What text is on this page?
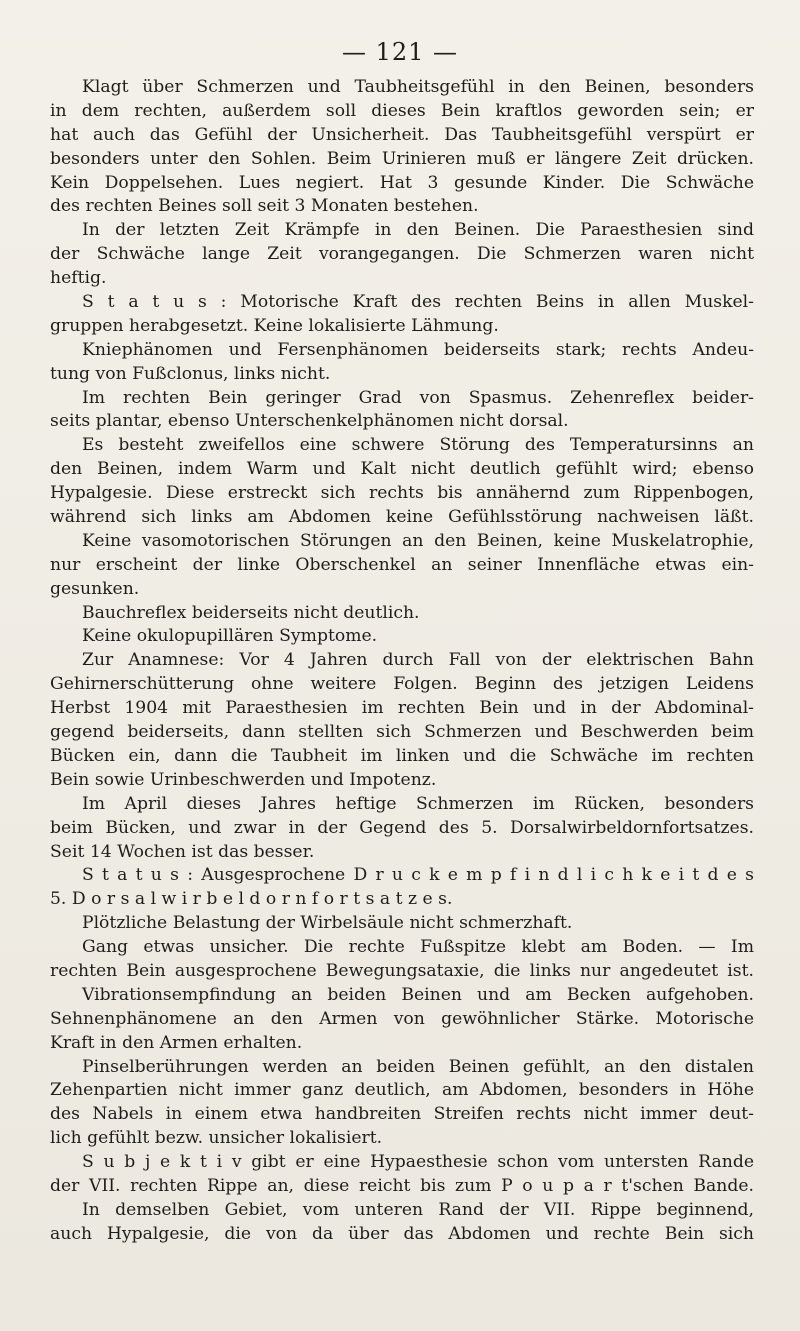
— 121 —
Klagt über Schmerzen und Taubheitsgefühl in den Beinen, besonders
in dem rechten, außerdem soll dieses Bein kraftlos geworden sein; er
hat auch das Gefühl der Unsicherheit. Das Taubheitsgefühl verspürt er
besonders unter den Sohlen. Beim Urinieren muß er längere Zeit drücken.
Kein Doppelsehen. Lues negiert. Hat 3 gesunde Kinder. Die Schwäche
des rechten Beines soll seit 3 Monaten bestehen.
In der letzten Zeit Krämpfe in den Beinen. Die Paraesthesien sind
der Schwäche lange Zeit vorangegangen. Die Schmerzen waren nicht
heftig.
S t a t u s : Motorische Kraft des rechten Beins in allen Muskel-
gruppen herabgesetzt. Keine lokalisierte Lähmung.
Kniephänomen und Fersenphänomen beiderseits stark; rechts Andeu-
tung von Fußclonus, links nicht.
Im rechten Bein geringer Grad von Spasmus. Zehenreflex beider-
seits plantar, ebenso Unterschenkelphänomen nicht dorsal.
Es besteht zweifellos eine schwere Störung des Temperatursinns an
den Beinen, indem Warm und Kalt nicht deutlich gefühlt wird; ebenso
Hypalgesie. Diese erstreckt sich rechts bis annähernd zum Rippenbogen,
während sich links am Abdomen keine Gefühlsstörung nachweisen läßt.
Keine vasomotorischen Störungen an den Beinen, keine Muskelatrophie,
nur erscheint der linke Oberschenkel an seiner Innenfläche etwas ein-
gesunken.
Bauchreflex beiderseits nicht deutlich.
Keine okulopupillären Symptome.
Zur Anamnese: Vor 4 Jahren durch Fall von der elektrischen Bahn
Gehirnerschütterung ohne weitere Folgen. Beginn des jetzigen Leidens
Herbst 1904 mit Paraesthesien im rechten Bein und in der Abdominal-
gegend beiderseits, dann stellten sich Schmerzen und Beschwerden beim
Bücken ein, dann die Taubheit im linken und die Schwäche im rechten
Bein sowie Urinbeschwerden und Impotenz.
Im April dieses Jahres heftige Schmerzen im Rücken, besonders
beim Bücken, und zwar in der Gegend des 5. Dorsalwirbeldornfortsatzes.
Seit 14 Wochen ist das besser.
S t a t u s : Ausgesprochene D r u c k e m p f i n d l i c h k e i t d e s
5. D o r s a l w i r b e l d o r n f o r t s a t z e s.
Plötzliche Belastung der Wirbelsäule nicht schmerzhaft.
Gang etwas unsicher. Die rechte Fußspitze klebt am Boden. — Im
rechten Bein ausgesprochene Bewegungsataxie, die links nur angedeutet ist.
Vibrationsempfindung an beiden Beinen und am Becken aufgehoben.
Sehnenphänomene an den Armen von gewöhnlicher Stärke. Motorische
Kraft in den Armen erhalten.
Pinselberührungen werden an beiden Beinen gefühlt, an den distalen
Zehenpartien nicht immer ganz deutlich, am Abdomen, besonders in Höhe
des Nabels in einem etwa handbreiten Streifen rechts nicht immer deut-
lich gefühlt bezw. unsicher lokalisiert.
S u b j e k t i v gibt er eine Hypaesthesie schon vom untersten Rande
der VII. rechten Rippe an, diese reicht bis zum P o u p a r t'schen Bande.
In demselben Gebiet, vom unteren Rand der VII. Rippe beginnend,
auch Hypalgesie, die von da über das Abdomen und rechte Bein sich
